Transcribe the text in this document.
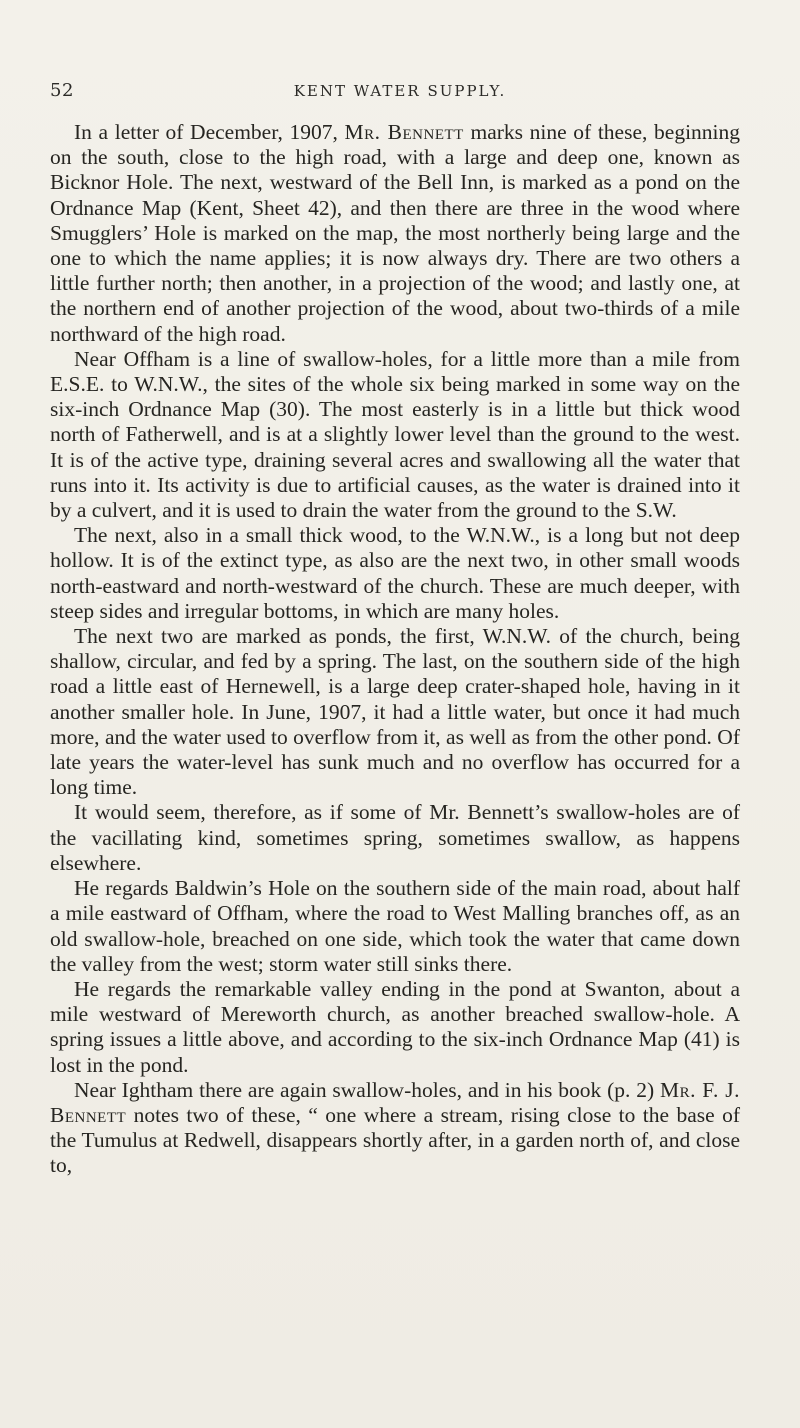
52	KENT WATER SUPPLY.

In a letter of December, 1907, Mr. Bennett marks nine of these, beginning on the south, close to the high road, with a large and deep one, known as Bicknor Hole. The next, westward of the Bell Inn, is marked as a pond on the Ordnance Map (Kent, Sheet 42), and then there are three in the wood where Smugglers’ Hole is marked on the map, the most northerly being large and the one to which the name applies; it is now always dry. There are two others a little further north; then another, in a projection of the wood; and lastly one, at the northern end of another projection of the wood, about two-thirds of a mile northward of the high road.

Near Offham is a line of swallow-holes, for a little more than a mile from E.S.E. to W.N.W., the sites of the whole six being marked in some way on the six-inch Ordnance Map (30). The most easterly is in a little but thick wood north of Fatherwell, and is at a slightly lower level than the ground to the west. It is of the active type, draining several acres and swallowing all the water that runs into it. Its activity is due to artificial causes, as the water is drained into it by a culvert, and it is used to drain the water from the ground to the S.W.

The next, also in a small thick wood, to the W.N.W., is a long but not deep hollow. It is of the extinct type, as also are the next two, in other small woods north-eastward and north-westward of the church. These are much deeper, with steep sides and irregular bottoms, in which are many holes.

The next two are marked as ponds, the first, W.N.W. of the church, being shallow, circular, and fed by a spring. The last, on the southern side of the high road a little east of Hernewell, is a large deep crater-shaped hole, having in it another smaller hole. In June, 1907, it had a little water, but once it had much more, and the water used to overflow from it, as well as from the other pond. Of late years the water-level has sunk much and no overflow has occurred for a long time.

It would seem, therefore, as if some of Mr. Bennett’s swallow-holes are of the vacillating kind, sometimes spring, sometimes swallow, as happens elsewhere.

He regards Baldwin’s Hole on the southern side of the main road, about half a mile eastward of Offham, where the road to West Malling branches off, as an old swallow-hole, breached on one side, which took the water that came down the valley from the west; storm water still sinks there.

He regards the remarkable valley ending in the pond at Swanton, about a mile westward of Mereworth church, as another breached swallow-hole. A spring issues a little above, and according to the six-inch Ordnance Map (41) is lost in the pond.

Near Ightham there are again swallow-holes, and in his book (p. 2) Mr. F. J. Bennett notes two of these, “ one where a stream, rising close to the base of the Tumulus at Redwell, disappears shortly after, in a garden north of, and close to,
